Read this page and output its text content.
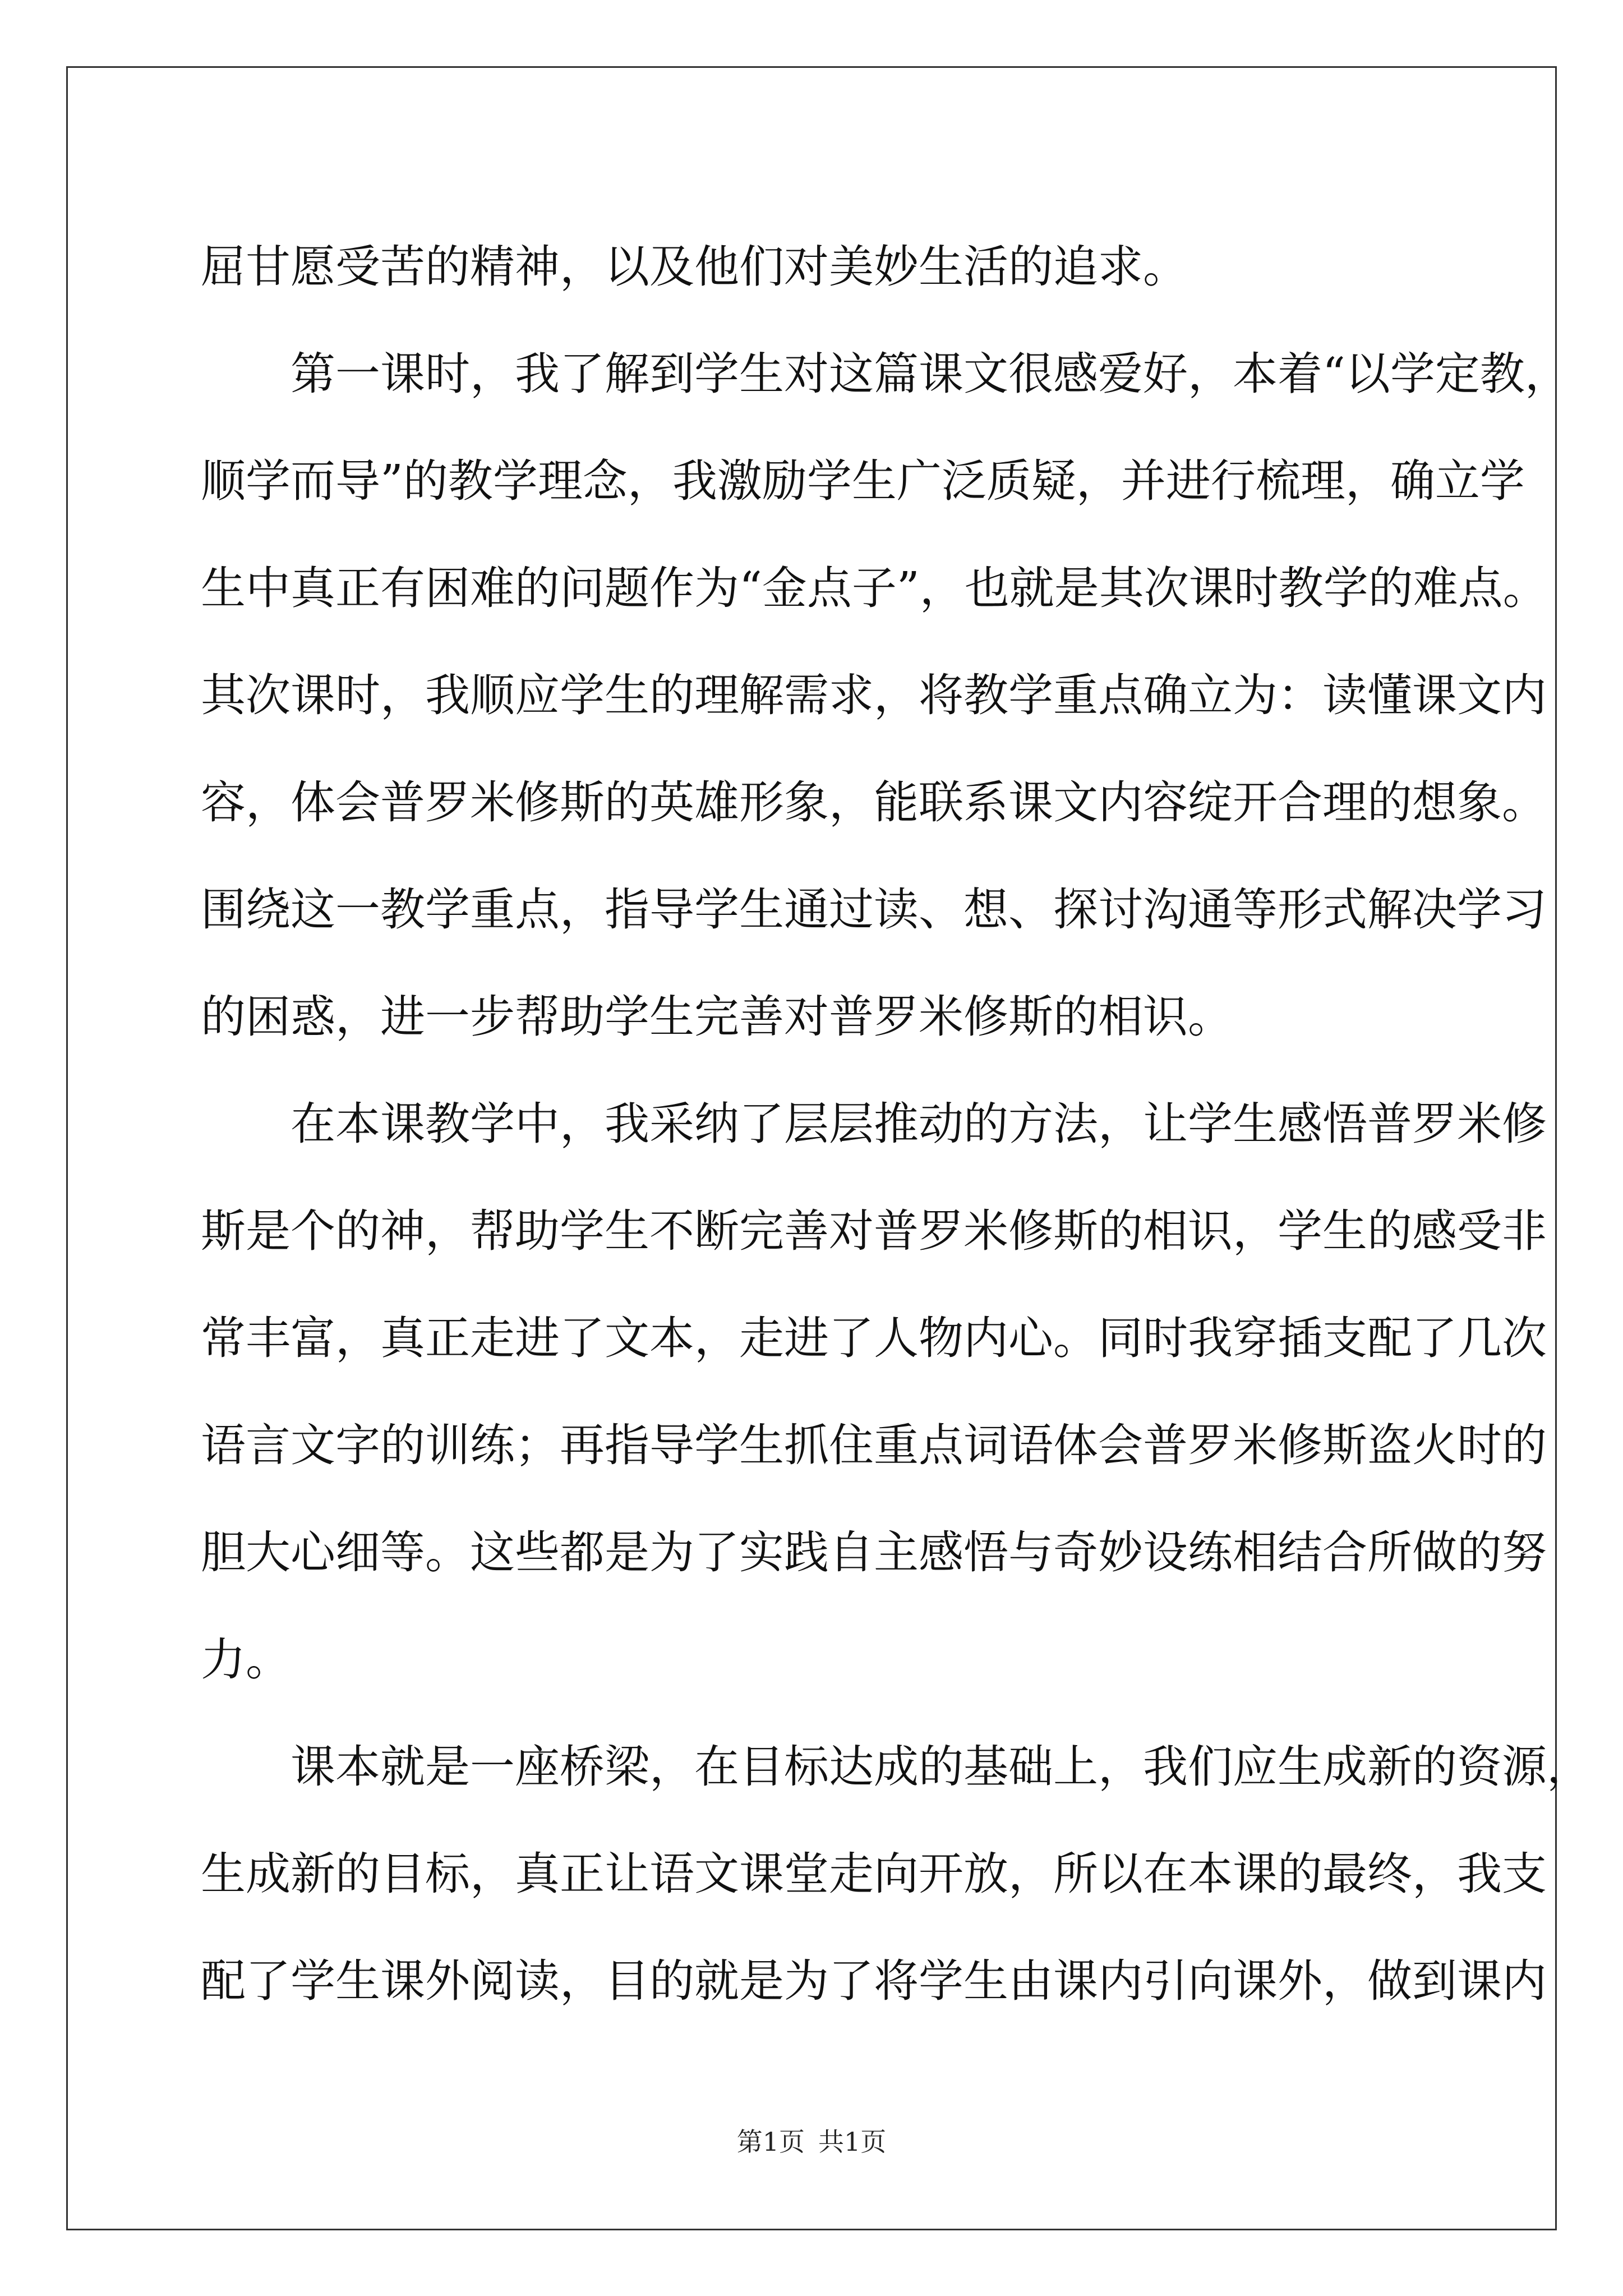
屈甘愿受苦的精神，以及他们对美妙生活的追求。
　　第一课时，我了解到学生对这篇课文很感爱好，本着“以学定教，
顺学而导”的教学理念，我激励学生广泛质疑，并进行梳理，确立学
生中真正有困难的问题作为“金点子”，也就是其次课时教学的难点。
其次课时，我顺应学生的理解需求，将教学重点确立为：读懂课文内
容，体会普罗米修斯的英雄形象，能联系课文内容绽开合理的想象。
围绕这一教学重点，指导学生通过读、想、探讨沟通等形式解决学习
的困惑，进一步帮助学生完善对普罗米修斯的相识。
　　在本课教学中，我采纳了层层推动的方法，让学生感悟普罗米修
斯是个的神，帮助学生不断完善对普罗米修斯的相识，学生的感受非
常丰富，真正走进了文本，走进了人物内心。同时我穿插支配了几次
语言文字的训练；再指导学生抓住重点词语体会普罗米修斯盗火时的
胆大心细等。这些都是为了实践自主感悟与奇妙设练相结合所做的努
力。
　　课本就是一座桥梁，在目标达成的基础上，我们应生成新的资源，
生成新的目标，真正让语文课堂走向开放，所以在本课的最终，我支
配了学生课外阅读，目的就是为了将学生由课内引向课外，做到课内
第1页 共1页
